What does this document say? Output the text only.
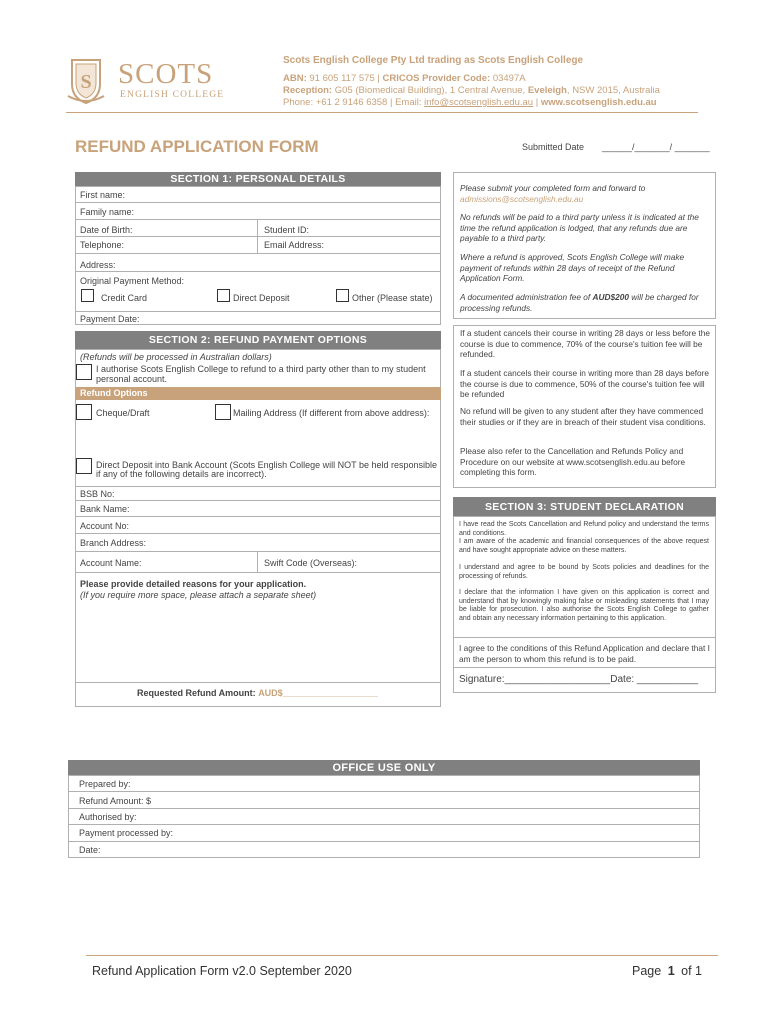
S SCOTS
ENGLISH COLLEGE
Scots English College Pty Ltd trading as Scots English College
ABN: 91 605 117 575 | CRICOS Provider Code: 03497A
Reception: G05 (Biomedical Building), 1 Central Avenue, Eveleigh, NSW 2015, Australia
Phone: +61 2 9146 6358 | Email: info@scotsenglish.edu.au | www.scotsenglish.edu.au
REFUND APPLICATION FORM	Submitted Date ______/_______/ _______
SECTION 1: PERSONAL DETAILS
First name:
Family name:
Date of Birth:	Student ID:
Telephone:	Email Address:
Address:
Original Payment Method:
Credit Card	Direct Deposit	Other (Please state)
Payment Date:
SECTION 2: REFUND PAYMENT OPTIONS
(Refunds will be processed in Australian dollars)
I authorise Scots English College to refund to a third party other than to my student personal account.
Refund Options
Cheque/Draft	Mailing Address (If different from above address):
Direct Deposit into Bank Account (Scots English College will NOT be held responsible if any of the following details are incorrect).
BSB No:
Bank Name:
Account No:
Branch Address:
Account Name:	Swift Code (Overseas):
Please provide detailed reasons for your application.
(If you require more space, please attach a separate sheet)
Requested Refund Amount: AUD$___________________
Please submit your completed form and forward to
admissions@scotsenglish.edu.au
No refunds will be paid to a third party unless it is indicated at the time the refund application is lodged, that any refunds due are payable to a third party.
Where a refund is approved, Scots English College will make payment of refunds within 28 days of receipt of the Refund Application Form.
A documented administration fee of AUD$200 will be charged for processing refunds.
If a student cancels their course in writing 28 days or less before the course is due to commence, 70% of the course's tuition fee will be refunded.
If a student cancels their course in writing more than 28 days before the course is due to commence, 50% of the course's tuition fee will be refunded
No refund will be given to any student after they have commenced their studies or if they are in breach of their student visa conditions.
Please also refer to the Cancellation and Refunds Policy and Procedure on our website at www.scotsenglish.edu.au before completing this form.
SECTION 3: STUDENT DECLARATION
I have read the Scots Cancellation and Refund policy and understand the terms and conditions.
I am aware of the academic and financial consequences of the above request and have sought appropriate advice on these matters.
I understand and agree to be bound by Scots policies and deadlines for the processing of refunds.
I declare that the information I have given on this application is correct and understand that by knowingly making false or misleading statements that I may be liable for prosecution. I also authorise the Scots English College to gather and obtain any necessary information pertaining to this application.
I agree to the conditions of this Refund Application and declare that I am the person to whom this refund is to be paid.
Signature:___________________Date: ___________
OFFICE USE ONLY
Prepared by:
Refund Amount: $
Authorised by:
Payment processed by:
Date:
Refund Application Form v2.0 September 2020	Page 1 of 1
